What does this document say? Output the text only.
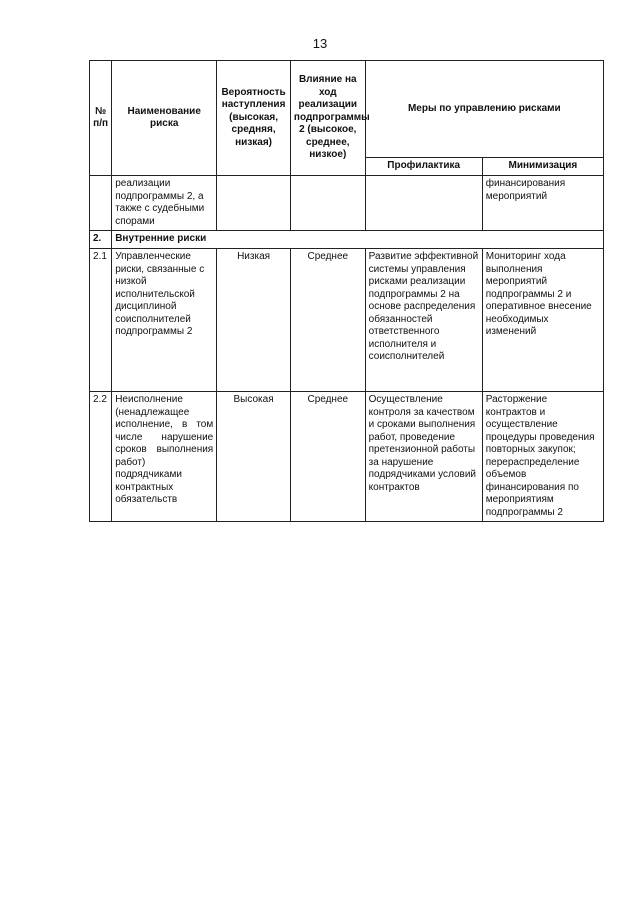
13
№ п/п	Наименование риска	Вероятность наступления (высокая, средняя, низкая)	Влияние на ход реализации подпрограммы 2 (высокое, среднее, низкое)	Меры по управлению рисками	
				Профилактика	Минимизация
	реализации подпрограммы 2, а также с судебными спорами				финансирования мероприятий
2.	Внутренние риски				
2.1	Управленческие риски, связанные с низкой исполнительской дисциплиной соисполнителей подпрограммы 2	Низкая	Среднее	Развитие эффективной системы управления рисками реализации подпрограммы 2 на основе распределения обязанностей ответственного исполнителя и соисполнителей	Мониторинг хода выполнения мероприятий подпрограммы 2 и оперативное внесение необходимых изменений
2.2	Неисполнение (ненадлежащее исполнение, в том числе нарушение сроков выполнения работ) подрядчиками контрактных обязательств	Высокая	Среднее	Осуществление контроля за качеством и сроками выполнения работ, проведение претензионной работы за нарушение подрядчиками условий контрактов	Расторжение контрактов и осуществление процедуры проведения повторных закупок; перераспределение объемов финансирования по мероприятиям подпрограммы 2
